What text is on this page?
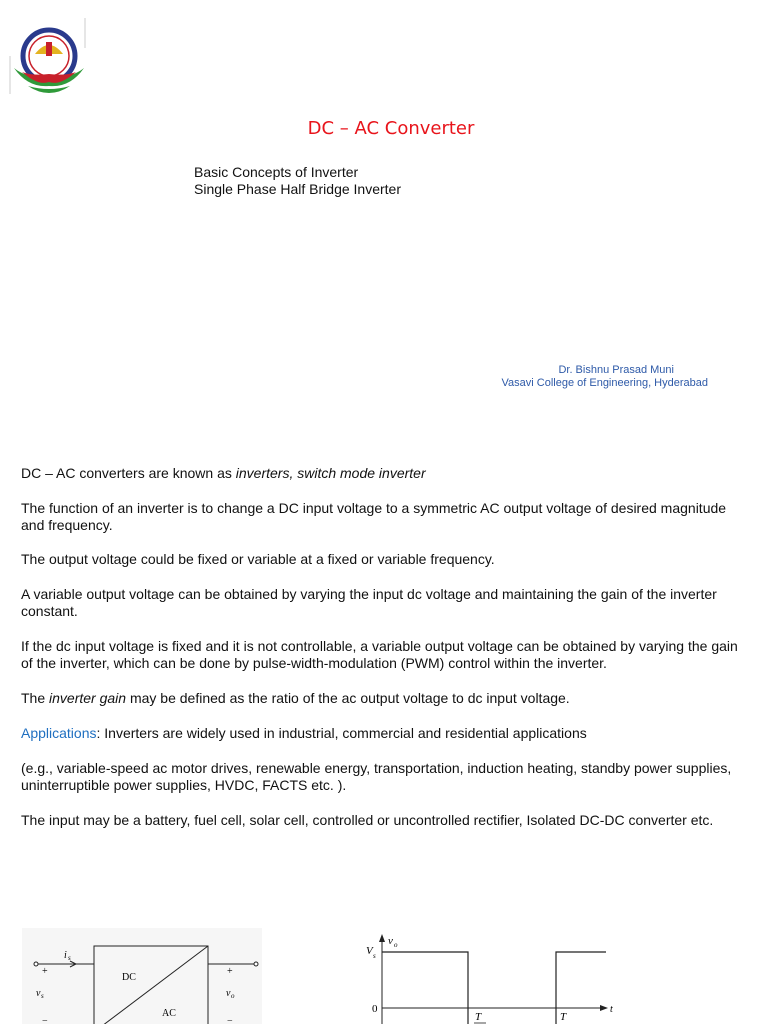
DC – AC Converter
Basic Concepts of Inverter
Single Phase Half Bridge Inverter
Dr. Bishnu Prasad Muni
Vasavi College of Engineering, Hyderabad

DC – AC converters are known as inverters, switch mode inverter

The function of an inverter is to change a DC input voltage to a symmetric AC output voltage of desired magnitude and frequency.

The output voltage could be fixed or variable at a fixed or variable frequency.

A variable output voltage can be obtained by varying the input dc voltage and maintaining the gain of the inverter constant.

If the dc input voltage is fixed and it is not controllable, a variable output voltage can be obtained by varying the gain of the inverter, which can be done by pulse-width-modulation (PWM) control within the inverter.

The inverter gain may be defined as the ratio of the ac output voltage to dc input voltage.

Applications: Inverters are widely used in industrial, commercial and residential applications

(e.g., variable-speed ac motor drives, renewable energy, transportation, induction heating, standby power supplies, uninterruptible power supplies, HVDC, FACTS etc. ).

The input may be a battery, fuel cell, solar cell, controlled or uncontrolled rectifier, Isolated DC-DC converter etc.

i s
+
v s
−
DC
AC
+
v o
−
v o
V s
0	t
T	T
